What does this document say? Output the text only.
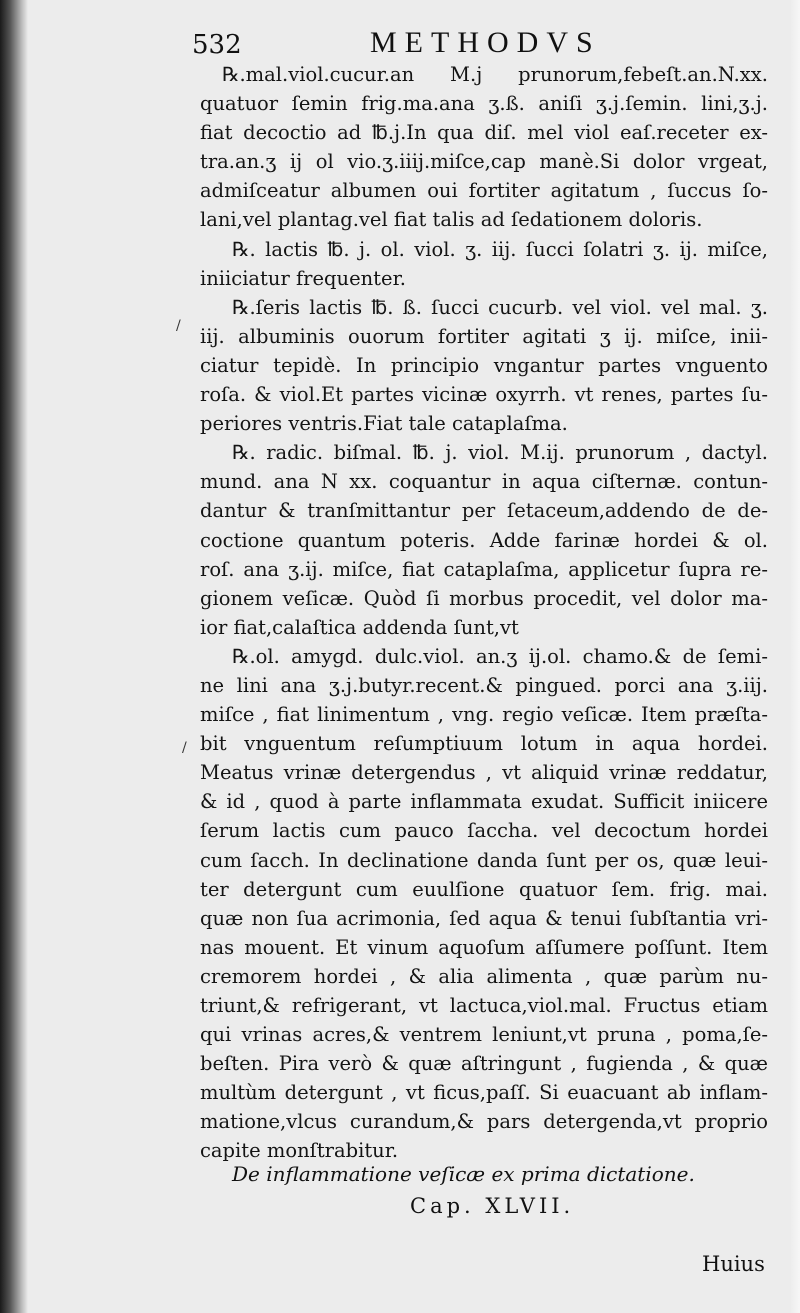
532	METHODVS
℞.mal.viol.cucur.an M.j prunorum,febeſt.an.N.xx.
quatuor ſemin frig.ma.ana ʒ.ß. aniſi ʒ.j.ſemin. lini,ʒ.j.
fiat decoctio ad ℔.j.In qua diſ. mel viol eaſ.receter ex-
tra.an.ʒ ij ol vio.ʒ.iiij.miſce,cap manè.Si dolor vrgeat,
admiſceatur albumen oui fortiter agitatum , ſuccus ſo-
lani,vel plantag.vel fiat talis ad ſedationem doloris.
℞. lactis ℔. j. ol. viol. ʒ. iij. ſucci ſolatri ʒ. ij. miſce,
iniiciatur frequenter.
℞.ſeris lactis ℔. ß. ſucci cucurb. vel viol. vel mal. ʒ.
iij. albuminis ouorum fortiter agitati ʒ ij. miſce, inii-
ciatur tepidè. In principio vngantur partes vnguento
roſa. & viol.Et partes vicinæ oxyrrh. vt renes, partes ſu-
periores ventris.Fiat tale cataplaſma.
℞. radic. biſmal. ℔. j. viol. M.ij. prunorum , dactyl.
mund. ana N xx. coquantur in aqua ciſternæ. contun-
dantur & tranſmittantur per ſetaceum,addendo de de-
coctione quantum poteris. Adde farinæ hordei & ol.
roſ. ana ʒ.ij. miſce, fiat cataplaſma, applicetur ſupra re-
gionem veſicæ. Quòd ſi morbus procedit, vel dolor ma-
ior fiat,calaſtica addenda ſunt,vt
℞.ol. amygd. dulc.viol. an.ʒ ij.ol. chamo.& de ſemi-
ne lini ana ʒ.j.butyr.recent.& pingued. porci ana ʒ.iij.
miſce , fiat linimentum , vng. regio veſicæ. Item præſta-
bit vnguentum reſumptiuum lotum in aqua hordei.
Meatus vrinæ detergendus , vt aliquid vrinæ reddatur,
& id , quod à parte inflammata exudat. Sufficit iniicere
ſerum lactis cum pauco ſaccha. vel decoctum hordei
cum ſacch. In declinatione danda ſunt per os, quæ leui-
ter detergunt cum euulſione quatuor ſem. frig. mai.
quæ non ſua acrimonia, ſed aqua & tenui ſubſtantia vri-
nas mouent. Et vinum aquoſum aſſumere poſſunt. Item
cremorem hordei , & alia alimenta , quæ parùm nu-
triunt,& refrigerant, vt lactuca,viol.mal. Fructus etiam
qui vrinas acres,& ventrem leniunt,vt pruna , poma,ſe-
beſten. Pira verò & quæ aſtringunt , fugienda , & quæ
multùm detergunt , vt ficus,paſſ. Si euacuant ab inflam-
matione,vlcus curandum,& pars detergenda,vt proprio
capite monſtrabitur.
De inflammatione veſicæ ex prima dictatione.
Cap. XLVII.
Huius
/
/
